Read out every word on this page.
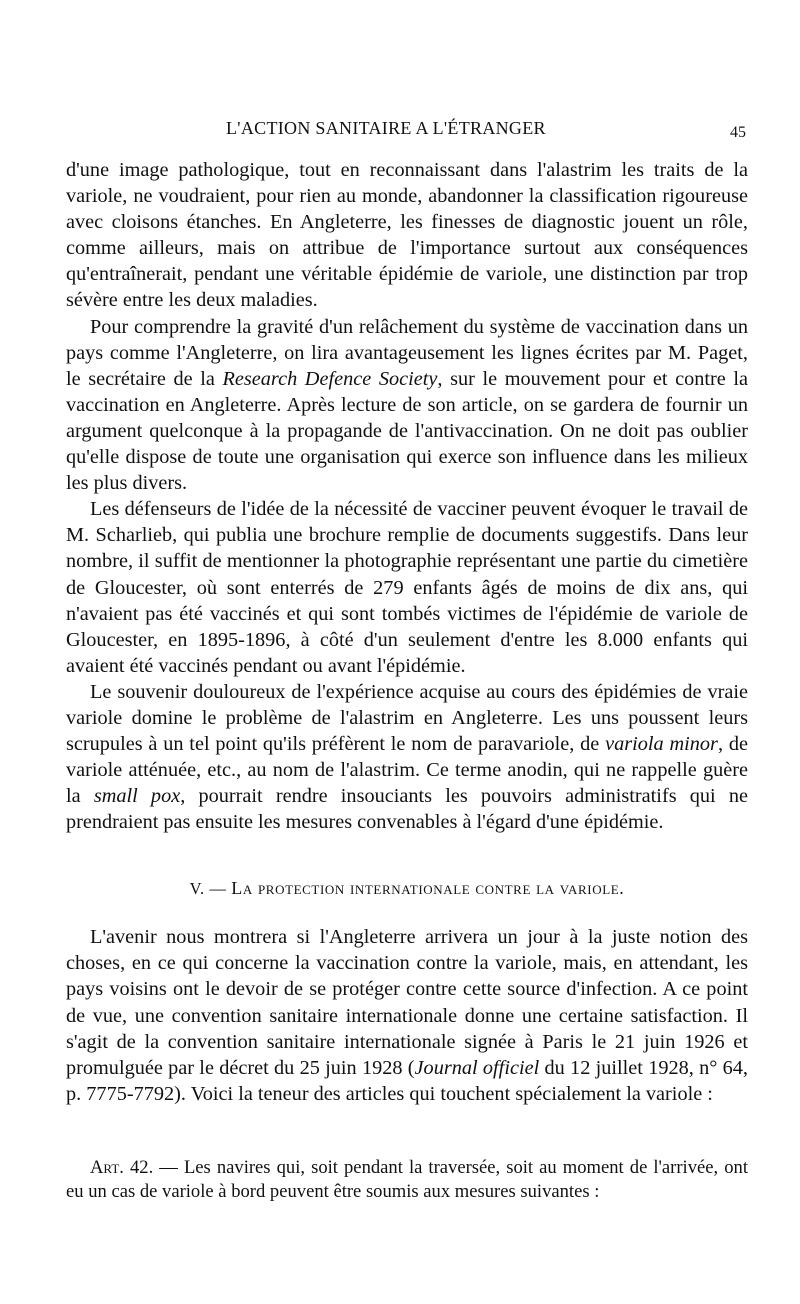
L'ACTION SANITAIRE A L'ÉTRANGER	45

d'une image pathologique, tout en reconnaissant dans l'alastrim les traits de la variole, ne voudraient, pour rien au monde, abandonner la classification rigoureuse avec cloisons étanches. En Angleterre, les finesses de diagnostic jouent un rôle, comme ailleurs, mais on attribue de l'importance surtout aux conséquences qu'entraînerait, pendant une véritable épidémie de variole, une distinction par trop sévère entre les deux maladies.

Pour comprendre la gravité d'un relâchement du système de vaccination dans un pays comme l'Angleterre, on lira avantageusement les lignes écrites par M. Paget, le secrétaire de la Research Defence Society, sur le mouvement pour et contre la vaccination en Angleterre. Après lecture de son article, on se gardera de fournir un argument quelconque à la propagande de l'antivaccination. On ne doit pas oublier qu'elle dispose de toute une organisation qui exerce son influence dans les milieux les plus divers.

Les défenseurs de l'idée de la nécessité de vacciner peuvent évoquer le travail de M. Scharlieb, qui publia une brochure remplie de documents suggestifs. Dans leur nombre, il suffit de mentionner la photographie représentant une partie du cimetière de Gloucester, où sont enterrés de 279 enfants âgés de moins de dix ans, qui n'avaient pas été vaccinés et qui sont tombés victimes de l'épidémie de variole de Gloucester, en 1895-1896, à côté d'un seulement d'entre les 8.000 enfants qui avaient été vaccinés pendant ou avant l'épidémie.

Le souvenir douloureux de l'expérience acquise au cours des épidémies de vraie variole domine le problème de l'alastrim en Angleterre. Les uns poussent leurs scrupules à un tel point qu'ils préfèrent le nom de paravariole, de variola minor, de variole atténuée, etc., au nom de l'alastrim. Ce terme anodin, qui ne rappelle guère la small pox, pourrait rendre insouciants les pouvoirs administratifs qui ne prendraient pas ensuite les mesures convenables à l'égard d'une épidémie.

V. — La protection internationale contre la variole.

L'avenir nous montrera si l'Angleterre arrivera un jour à la juste notion des choses, en ce qui concerne la vaccination contre la variole, mais, en attendant, les pays voisins ont le devoir de se protéger contre cette source d'infection. A ce point de vue, une convention sanitaire internationale donne une certaine satisfaction. Il s'agit de la convention sanitaire internationale signée à Paris le 21 juin 1926 et promulguée par le décret du 25 juin 1928 (Journal officiel du 12 juillet 1928, n° 64, p. 7775-7792). Voici la teneur des articles qui touchent spécialement la variole :

Art. 42. — Les navires qui, soit pendant la traversée, soit au moment de l'arrivée, ont eu un cas de variole à bord peuvent être soumis aux mesures suivantes :
